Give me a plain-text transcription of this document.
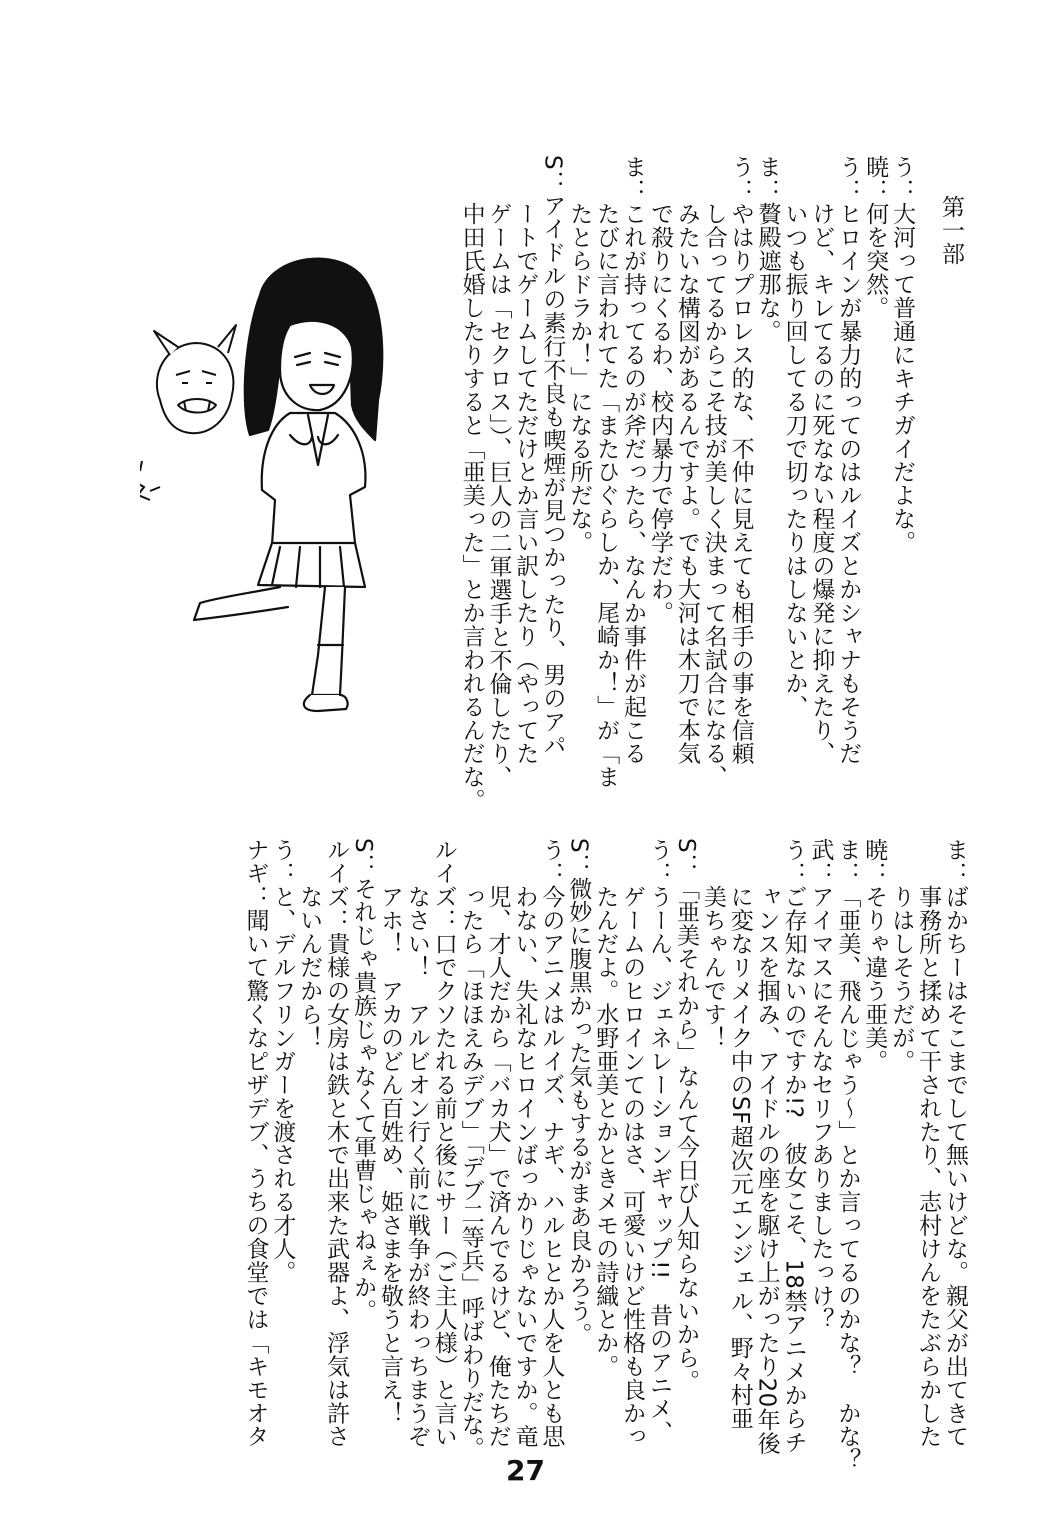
第一部
う：大河って普通にキチガイだよな。
暁：何を突然。
う：ヒロインが暴力的ってのはルイズとかシャナもそうだ
　　けど、キレてるのに死なない程度の爆発に抑えたり、
　　いつも振り回してる刀で切ったりはしないとか、
ま：贅殿遮那な。
う：やはりプロレス的な、不仲に見えても相手の事を信頼
　　し合ってるからこそ技が美しく決まって名試合になる、
　　みたいな構図があるんですよ。でも大河は木刀で本気
　　で殺りにくるわ、校内暴力で停学だわ。
ま：これが持ってるのが斧だったら、なんか事件が起こる
　　たびに言われてた「またひぐらしか、尾崎か！」が「ま
　　たとらドラか！」になる所だな。
S：アイドルの素行不良も喫煙が見つかったり、男のアパ
　　ートでゲームしてただけとか言い訳したり（やってた
　　ゲームは「セクロス」）、巨人の二軍選手と不倫したり、
　　中田氏婚したりすると「亜美った」とか言われるんだな。
ま：ばかちーはそこまでして無いけどな。親父が出てきて
　　事務所と揉めて干されたり、志村けんをたぶらかした
　　りはしそうだが。
暁：そりゃ違う亜美。
ま：「亜美、飛んじゃう～」とか言ってるのかな？　かな？
武：アイマスにそんなセリフありましたっけ？
う：ご存知ないのですか!?　彼女こそ、18禁アニメからチ
　　ャンスを掴み、アイドルの座を駆け上がったり20年後
　　に変なリメイク中のSF超次元エンジェル、野々村亜
　　美ちゃんです！
S：「亜美それから」なんて今日び人知らないから。
う：うーん、ジェネレーションギャップ!!　昔のアニメ、
　　ゲームのヒロインてのはさ、可愛いけど性格も良かっ
　　たんだよ。水野亜美とかときメモの詩織とか。
S：微妙に腹黒かった気もするがまあ良かろう。
う：今のアニメはルイズ、ナギ、ハルヒとか人を人とも思
　　わない、失礼なヒロインばっかりじゃないですか。竜
　　児、才人だから「バカ犬」で済んでるけど、俺たちだ
　　ったら「ほほえみデブ」「デブ二等兵」呼ばわりだな。
ルイズ：口でクソたれる前と後にサー（ご主人様）と言い
　　なさい！　アルビオン行く前に戦争が終わっちまうぞ
　　アホ！　アカのどん百姓め、姫さまを敬うと言え！
S：それじゃ貴族じゃなくて軍曹じゃねぇか。
ルイズ：貴様の女房は鉄と木で出来た武器よ、浮気は許さ
　　ないんだから！
う：と、デルフリンガーを渡される才人。
ナギ：聞いて驚くなピザデブ、うちの食堂では「キモオタ
27
